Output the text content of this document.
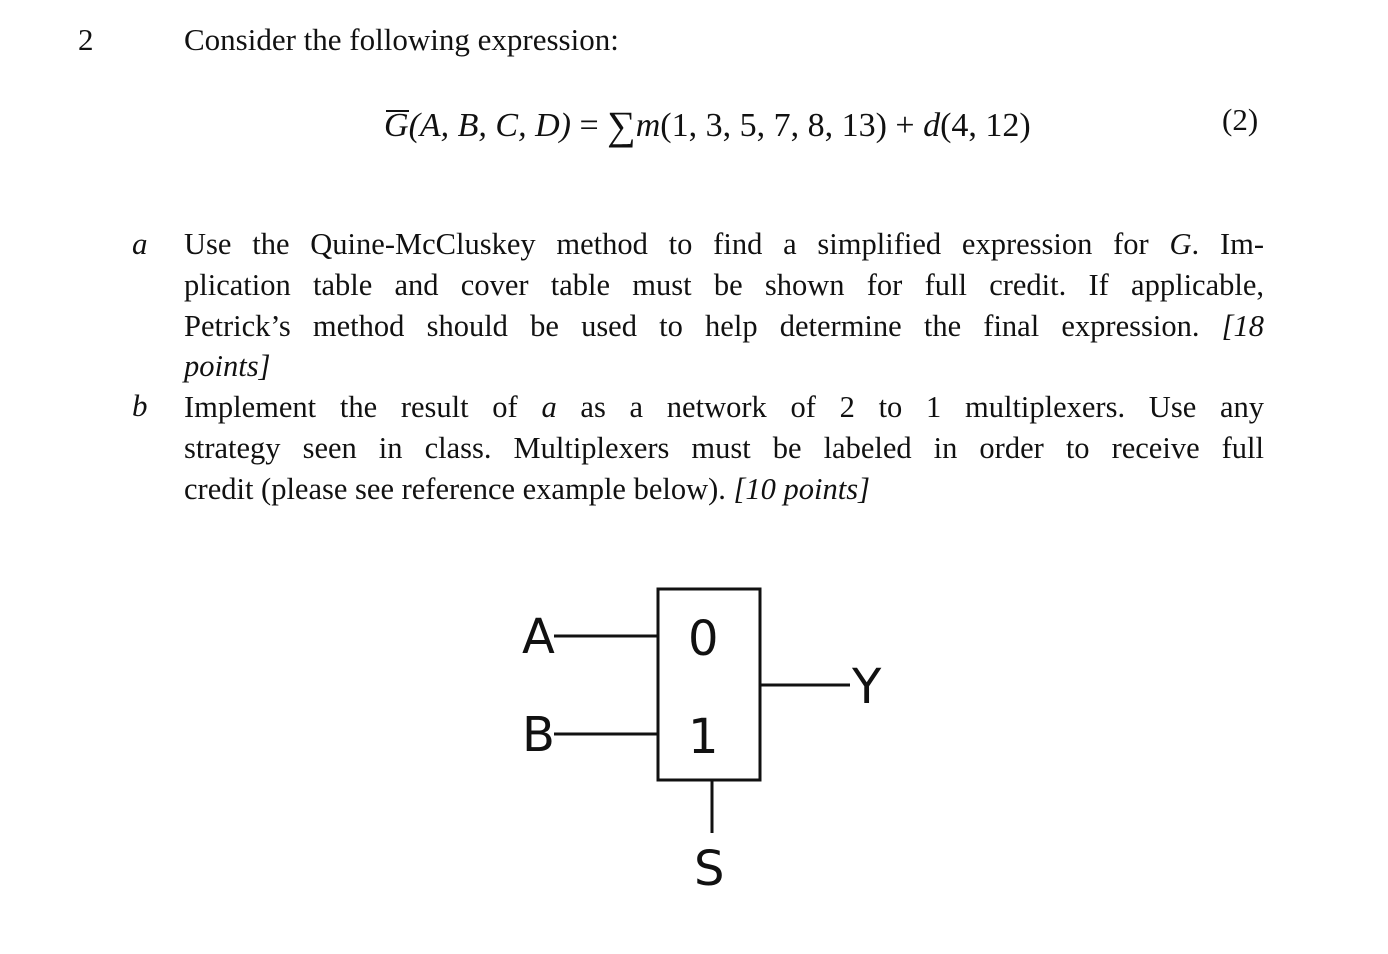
2	Consider the following expression:
G(A, B, C, D) = ∑m(1, 3, 5, 7, 8, 13) + d(4, 12)	(2)
a Use the Quine-McCluskey method to find a simplified expression for G. Im-
plication table and cover table must be shown for full credit. If applicable,
Petrick’s method should be used to help determine the final expression. [18
points]
b Implement the result of a as a network of 2 to 1 multiplexers. Use any
strategy seen in class. Multiplexers must be labeled in order to receive full
credit (please see reference example below). [10 points]
A
B
0
1
Y
S
